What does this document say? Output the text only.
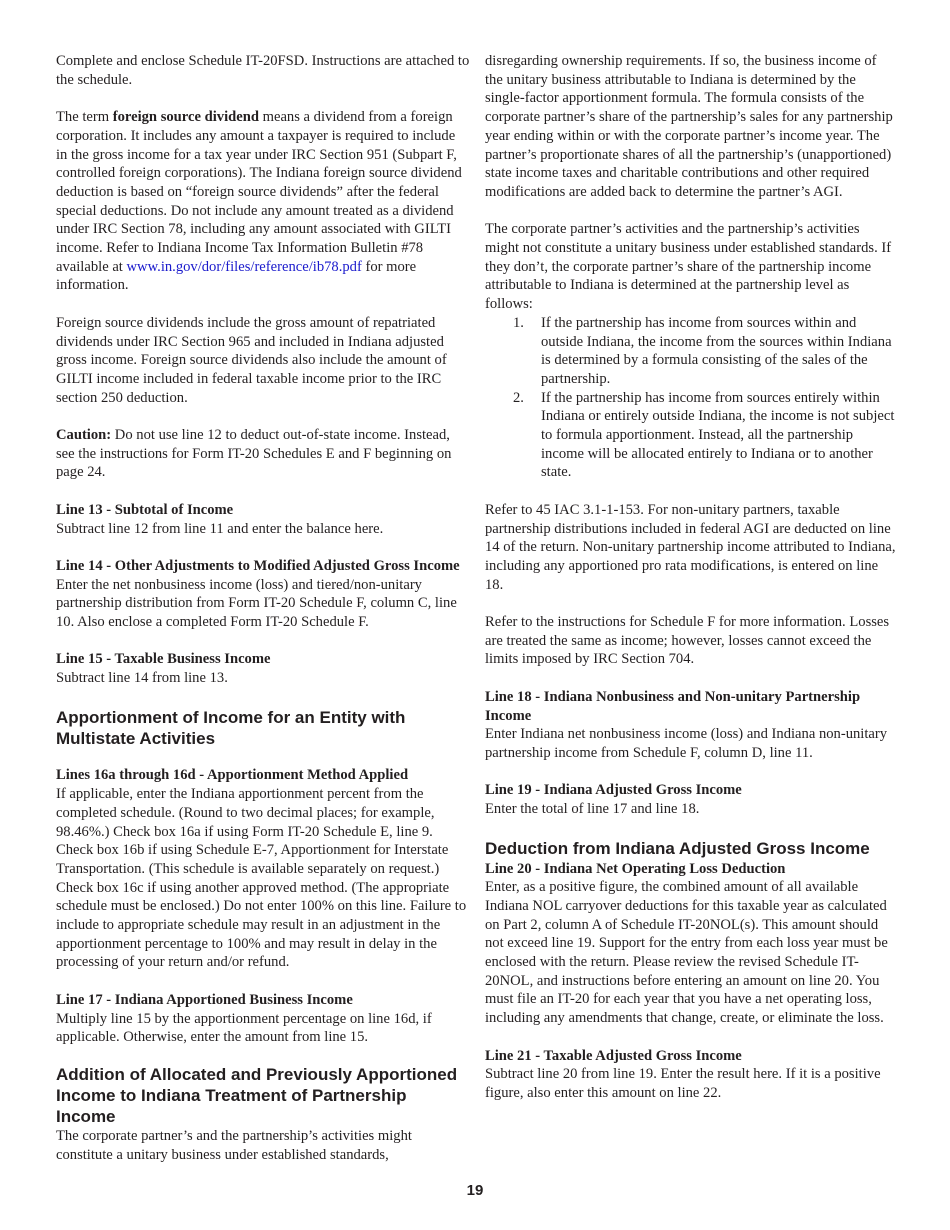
Complete and enclose Schedule IT-20FSD. Instructions are attached to the schedule.

The term foreign source dividend means a dividend from a foreign corporation. It includes any amount a taxpayer is required to include in the gross income for a tax year under IRC Section 951 (Subpart F, controlled foreign corporations). The Indiana foreign source dividend deduction is based on “foreign source dividends” after the federal special deductions. Do not include any amount treated as a dividend under IRC Section 78, including any amount associated with GILTI income. Refer to Indiana Income Tax Information Bulletin #78 available at www.in.gov/dor/files/reference/ib78.pdf for more information.

Foreign source dividends include the gross amount of repatriated dividends under IRC Section 965 and included in Indiana adjusted gross income. Foreign source dividends also include the amount of GILTI income included in federal taxable income prior to the IRC section 250 deduction.

Caution: Do not use line 12 to deduct out-of-state income. Instead, see the instructions for Form IT-20 Schedules E and F beginning on page 24.

Line 13 - Subtotal of Income

Subtract line 12 from line 11 and enter the balance here.

Line 14 - Other Adjustments to Modified Adjusted Gross Income

Enter the net nonbusiness income (loss) and tiered/non-unitary partnership distribution from Form IT-20 Schedule F, column C, line 10. Also enclose a completed Form IT-20 Schedule F.

Line 15 - Taxable Business Income

Subtract line 14 from line 13.

Apportionment of Income for an Entity with Multistate Activities

Lines 16a through 16d - Apportionment Method Applied

If applicable, enter the Indiana apportionment percent from the completed schedule. (Round to two decimal places; for example, 98.46%.) Check box 16a if using Form IT-20 Schedule E, line 9. Check box 16b if using Schedule E-7, Apportionment for Interstate Transportation. (This schedule is available separately on request.) Check box 16c if using another approved method. (The appropriate schedule must be enclosed.) Do not enter 100% on this line. Failure to include to appropriate schedule may result in an adjustment in the apportionment percentage to 100% and may result in delay in the processing of your return and/or refund.

Line 17 - Indiana Apportioned Business Income

Multiply line 15 by the apportionment percentage on line 16d, if applicable. Otherwise, enter the amount from line 15.

Addition of Allocated and Previously Apportioned Income to Indiana Treatment of Partnership Income

The corporate partner’s and the partnership’s activities might constitute a unitary business under established standards,

disregarding ownership requirements. If so, the business income of the unitary business attributable to Indiana is determined by the single-factor apportionment formula. The formula consists of the corporate partner’s share of the partnership’s sales for any partnership year ending within or with the corporate partner’s income year. The partner’s proportionate shares of all the partnership’s (unapportioned) state income taxes and charitable contributions and other required modifications are added back to determine the partner’s AGI.

The corporate partner’s activities and the partnership’s activities might not constitute a unitary business under established standards. If they don’t, the corporate partner’s share of the partnership income attributable to Indiana is determined at the partnership level as follows:

1. If the partnership has income from sources within and outside Indiana, the income from the sources within Indiana is determined by a formula consisting of the sales of the partnership.
2. If the partnership has income from sources entirely within Indiana or entirely outside Indiana, the income is not subject to formula apportionment. Instead, all the partnership income will be allocated entirely to Indiana or to another state.

Refer to 45 IAC 3.1-1-153. For non-unitary partners, taxable partnership distributions included in federal AGI are deducted on line 14 of the return. Non-unitary partnership income attributed to Indiana, including any apportioned pro rata modifications, is entered on line 18.

Refer to the instructions for Schedule F for more information. Losses are treated the same as income; however, losses cannot exceed the limits imposed by IRC Section 704.

Line 18 - Indiana Nonbusiness and Non-unitary Partnership Income

Enter Indiana net nonbusiness income (loss) and Indiana non-unitary partnership income from Schedule F, column D, line 11.

Line 19 - Indiana Adjusted Gross Income

Enter the total of line 17 and line 18.

Deduction from Indiana Adjusted Gross Income

Line 20 - Indiana Net Operating Loss Deduction

Enter, as a positive figure, the combined amount of all available Indiana NOL carryover deductions for this taxable year as calculated on Part 2, column A of Schedule IT-20NOL(s). This amount should not exceed line 19. Support for the entry from each loss year must be enclosed with the return. Please review the revised Schedule IT-20NOL, and instructions before entering an amount on line 20. You must file an IT-20 for each year that you have a net operating loss, including any amendments that change, create, or eliminate the loss.

Line 21 - Taxable Adjusted Gross Income

Subtract line 20 from line 19. Enter the result here. If it is a positive figure, also enter this amount on line 22.

19
